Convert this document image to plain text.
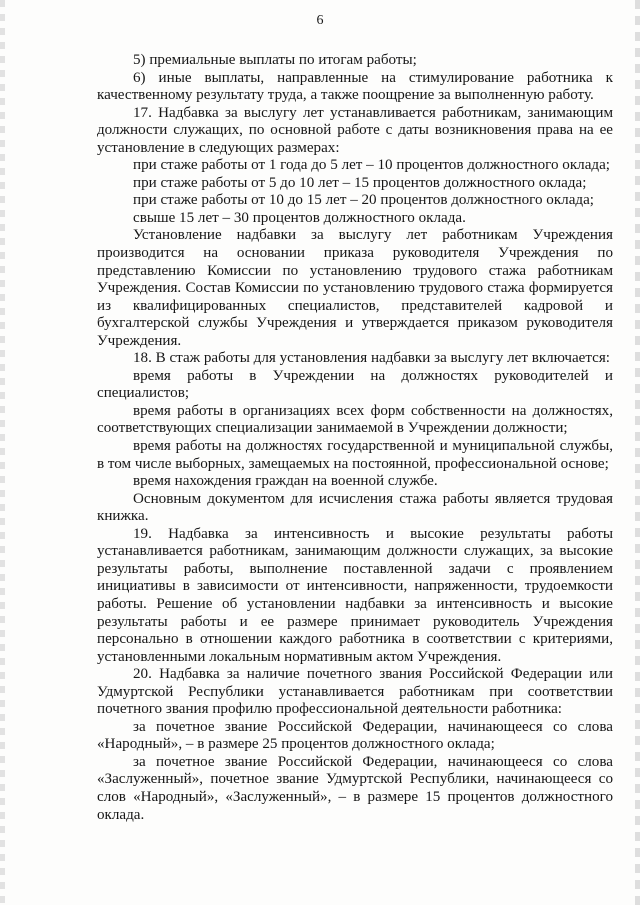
6

5) премиальные выплаты по итогам работы;

6) иные выплаты, направленные на стимулирование работника к качественному результату труда, а также поощрение за выполненную работу.

17. Надбавка за выслугу лет устанавливается работникам, занимающим должности служащих, по основной работе с даты возникновения права на ее установление в следующих размерах:

при стаже работы от 1 года до 5 лет – 10 процентов должностного оклада;

при стаже работы от 5 до 10 лет – 15 процентов должностного оклада;

при стаже работы от 10 до 15 лет – 20 процентов должностного оклада;

свыше 15 лет – 30 процентов должностного оклада.

Установление надбавки за выслугу лет работникам Учреждения производится на основании приказа руководителя Учреждения по представлению Комиссии по установлению трудового стажа работникам Учреждения. Состав Комиссии по установлению трудового стажа формируется из квалифицированных специалистов, представителей кадровой и бухгалтерской службы Учреждения и утверждается приказом руководителя Учреждения.

18. В стаж работы для установления надбавки за выслугу лет включается:

время работы в Учреждении на должностях руководителей и специалистов;

время работы в организациях всех форм собственности на должностях, соответствующих специализации занимаемой в Учреждении должности;

время работы на должностях государственной и муниципальной службы, в том числе выборных, замещаемых на постоянной, профессиональной основе;

время нахождения граждан на военной службе.

Основным документом для исчисления стажа работы является трудовая книжка.

19. Надбавка за интенсивность и высокие результаты работы устанавливается работникам, занимающим должности служащих, за высокие результаты работы, выполнение поставленной задачи с проявлением инициативы в зависимости от интенсивности, напряженности, трудоемкости работы. Решение об установлении надбавки за интенсивность и высокие результаты работы и ее размере принимает руководитель Учреждения персонально в отношении каждого работника в соответствии с критериями, установленными локальным нормативным актом Учреждения.

20. Надбавка за наличие почетного звания Российской Федерации или Удмуртской Республики устанавливается работникам при соответствии почетного звания профилю профессиональной деятельности работника:

за почетное звание Российской Федерации, начинающееся со слова «Народный», – в размере 25 процентов должностного оклада;

за почетное звание Российской Федерации, начинающееся со слова «Заслуженный», почетное звание Удмуртской Республики, начинающееся со слов «Народный», «Заслуженный», – в размере 15 процентов должностного оклада.
